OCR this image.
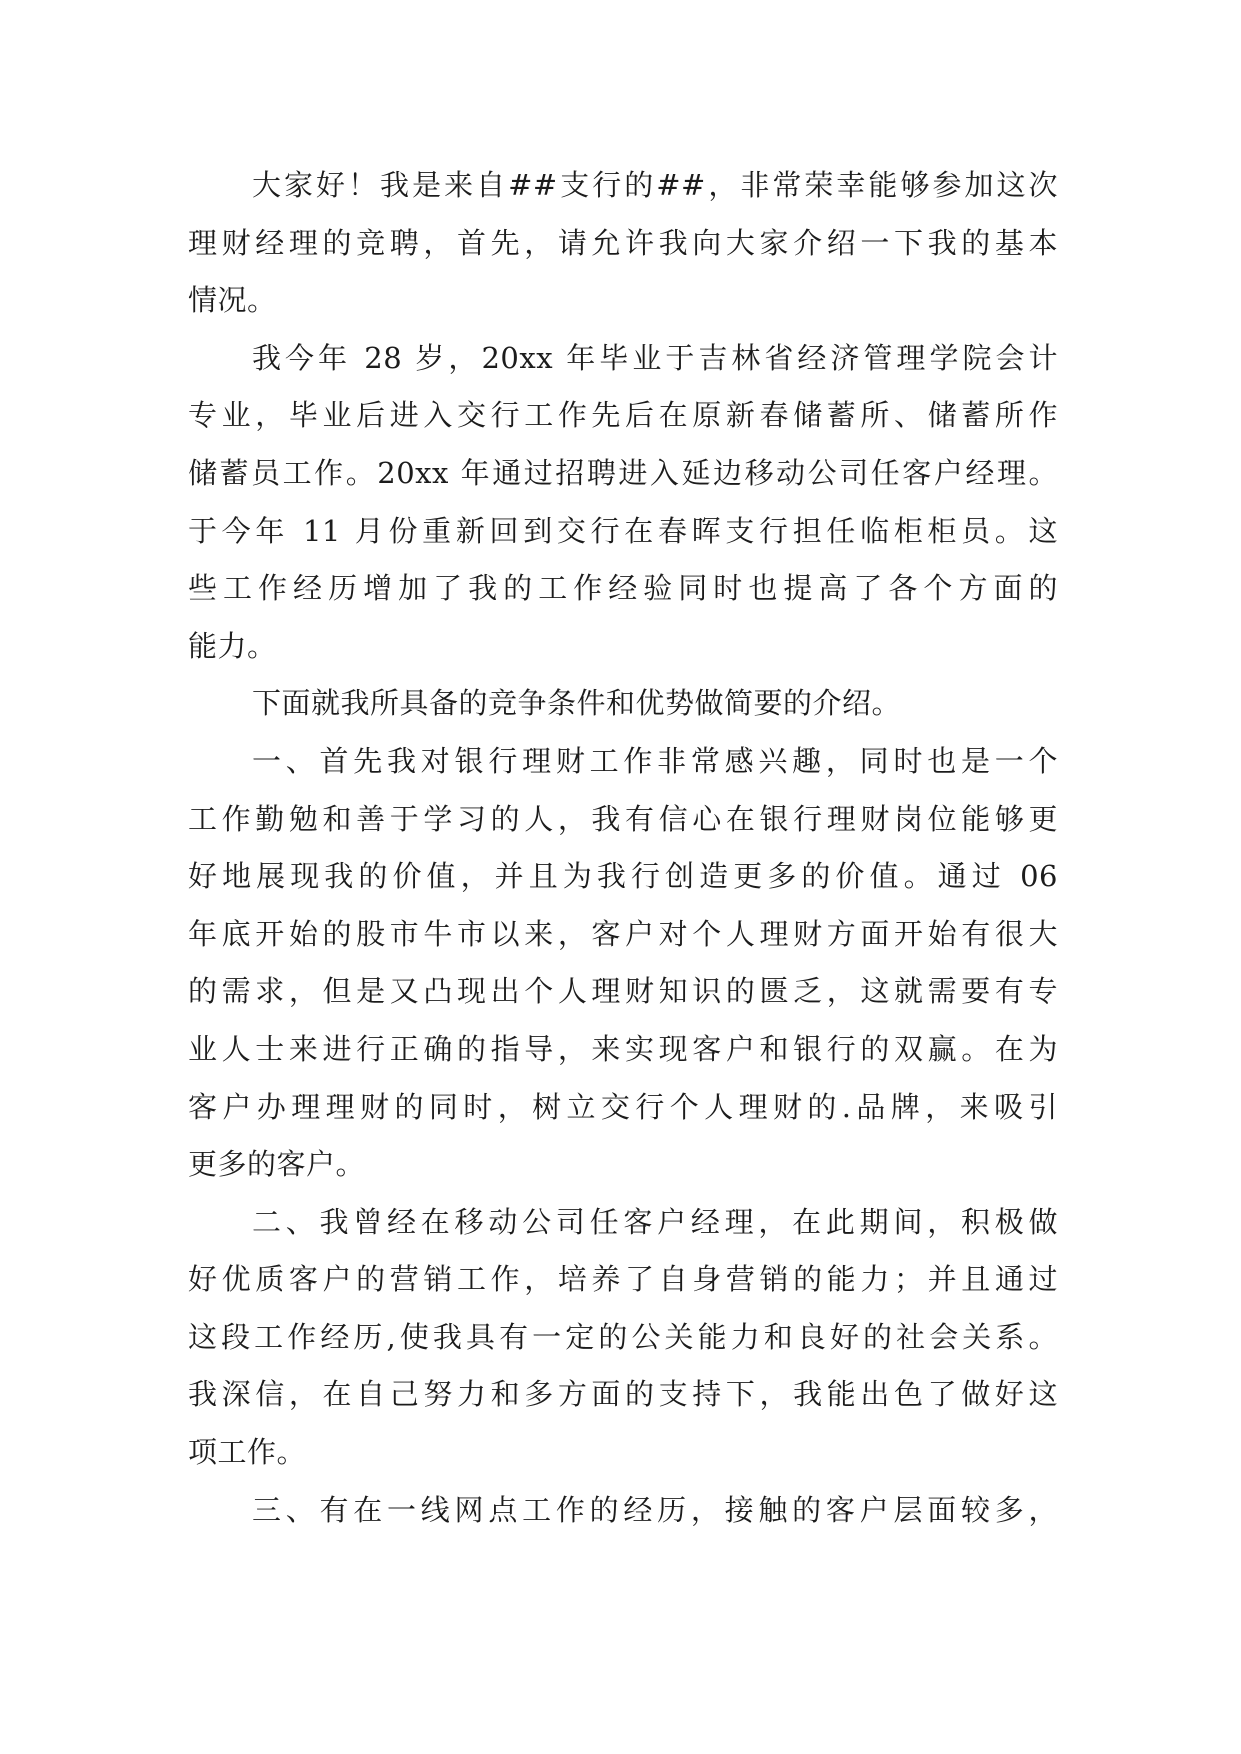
大家好！我是来自##支行的##，非常荣幸能够参加这次
理财经理的竞聘，首先，请允许我向大家介绍一下我的基本
情况。
我今年 28 岁，20xx 年毕业于吉林省经济管理学院会计
专业，毕业后进入交行工作先后在原新春储蓄所、储蓄所作
储蓄员工作。20xx 年通过招聘进入延边移动公司任客户经理。
于今年 11 月份重新回到交行在春晖支行担任临柜柜员。这
些工作经历增加了我的工作经验同时也提高了各个方面的
能力。
下面就我所具备的竞争条件和优势做简要的介绍。
一、首先我对银行理财工作非常感兴趣，同时也是一个
工作勤勉和善于学习的人，我有信心在银行理财岗位能够更
好地展现我的价值，并且为我行创造更多的价值。通过 06
年底开始的股市牛市以来，客户对个人理财方面开始有很大
的需求，但是又凸现出个人理财知识的匮乏，这就需要有专
业人士来进行正确的指导，来实现客户和银行的双赢。在为
客户办理理财的同时，树立交行个人理财的.品牌，来吸引
更多的客户。
二、我曾经在移动公司任客户经理，在此期间，积极做
好优质客户的营销工作，培养了自身营销的能力；并且通过
这段工作经历,使我具有一定的公关能力和良好的社会关系。
我深信，在自己努力和多方面的支持下，我能出色了做好这
项工作。
三、有在一线网点工作的经历，接触的客户层面较多，
